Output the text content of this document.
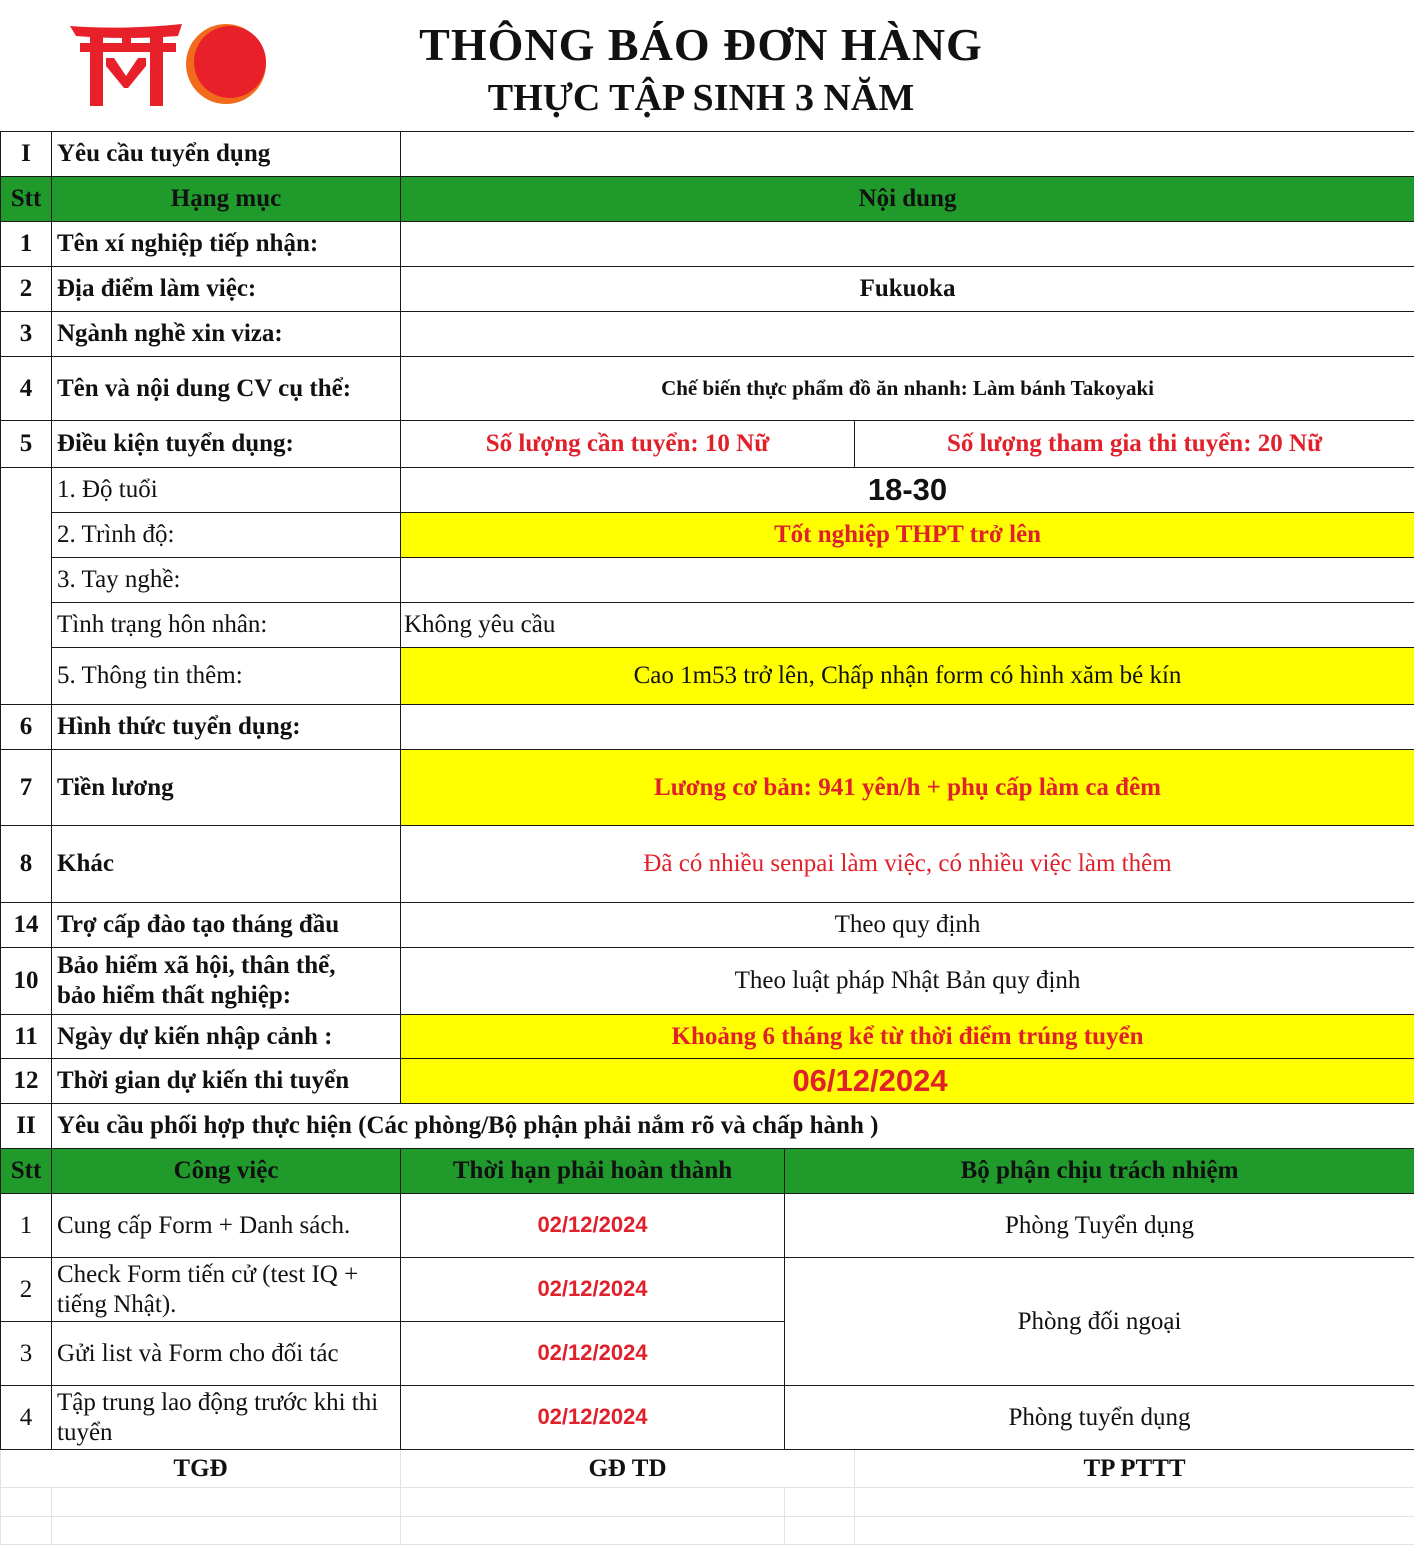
THÔNG BÁO ĐƠN HÀNG
THỰC TẬP SINH 3 NĂM
I	Yêu cầu tuyển dụng			
Stt	Hạng mục	Nội dung		
1	Tên xí nghiệp tiếp nhận:			
2	Địa điểm làm việc:	Fukuoka		
3	Ngành nghề xin viza:			
4	Tên và nội dung CV cụ thể:	Chế biến thực phẩm đồ ăn nhanh: Làm bánh Takoyaki		
5	Điều kiện tuyển dụng:	Số lượng cần tuyển: 10 Nữ		Số lượng tham gia thi tuyển: 20 Nữ
	1. Độ tuổi	18-30		
	2. Trình độ:	Tốt nghiệp THPT trở lên		
	3. Tay nghề:			
	Tình trạng hôn nhân:	Không yêu cầu		
	5. Thông tin thêm:	Cao 1m53 trở lên, Chấp nhận form có hình xăm bé kín		
6	Hình thức tuyển dụng:			
7	Tiền lương	Lương cơ bản: 941 yên/h + phụ cấp làm ca đêm		
8	Khác	Đã có nhiều senpai làm việc, có nhiều việc làm thêm		
14	Trợ cấp đào tạo tháng đầu	Theo quy định		
10	Bảo hiểm xã hội, thân thể,
bảo hiểm thất nghiệp:	Theo luật pháp Nhật Bản quy định		
11	Ngày dự kiến nhập cảnh :	Khoảng 6 tháng kể từ thời điểm trúng tuyển		
12	Thời gian dự kiến thi tuyển	06/12/2024		
II	Yêu cầu phối hợp thực hiện (Các phòng/Bộ phận phải nắm rõ và chấp hành )			
Stt	Công việc	Thời hạn phải hoàn thành	Bộ phận chịu trách nhiệm	
1	Cung cấp Form + Danh sách.	02/12/2024	Phòng Tuyển dụng	
2	Check Form tiến cử (test IQ + tiếng Nhật).	02/12/2024	Phòng đối ngoại	
3	Gửi list và Form cho đối tác	02/12/2024		
4	Tập trung lao động trước khi thi tuyển	02/12/2024	Phòng tuyển dụng	
TGĐ		GĐ TD		TP PTTT
